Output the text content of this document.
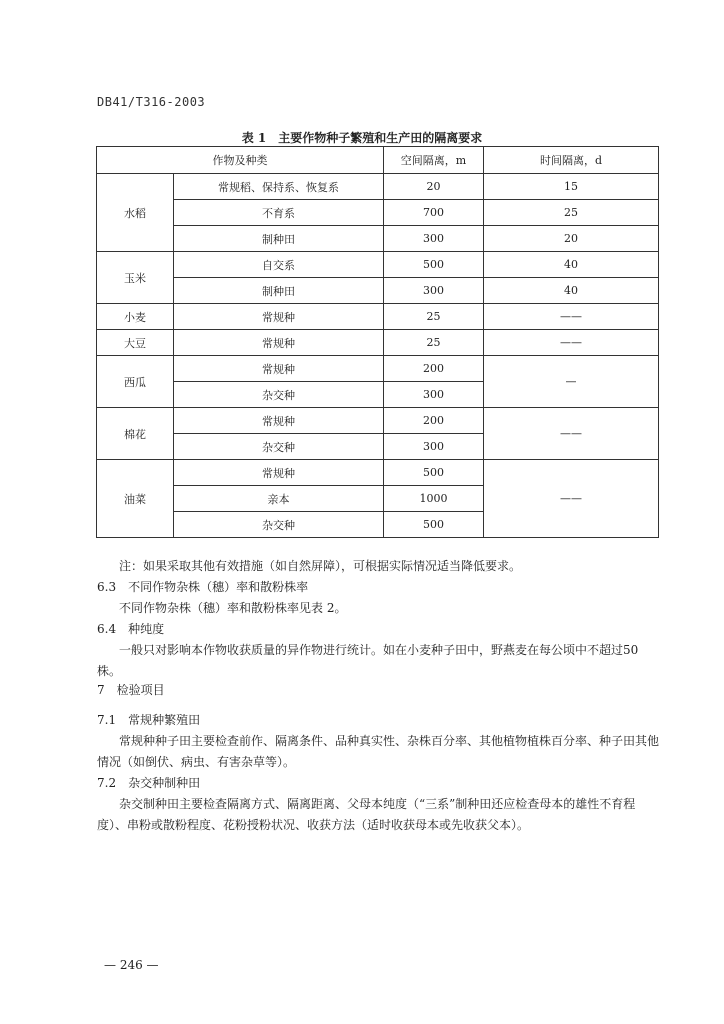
DB41/T316-2003
表 1　主要作物种子繁殖和生产田的隔离要求
作物及种类		空间隔离，m	时间隔离，d
水稻	常规稻、保持系、恢复系	20	15
	不育系	700	25
	制种田	300	20
玉米	自交系	500	40
	制种田	300	40
小麦	常规种	25	——
大豆	常规种	25	——
西瓜	常规种	200	—
	杂交种	300	
棉花	常规种	200	——
	杂交种	300	
油菜	常规种	500	——
	亲本	1000	
	杂交种	500	

注：如果采取其他有效措施（如自然屏障），可根据实际情况适当降低要求。

6.3　不同作物杂株（穗）率和散粉株率

不同作物杂株（穗）率和散粉株率见表 2。

6.4　种纯度

一般只对影响本作物收获质量的异作物进行统计。如在小麦种子田中，野燕麦在每公顷中不超过50株。

7　检验项目

7.1　常规种繁殖田

常规种种子田主要检查前作、隔离条件、品种真实性、杂株百分率、其他植物植株百分率、种子田其他情况（如倒伏、病虫、有害杂草等）。

7.2　杂交种制种田

杂交制种田主要检查隔离方式、隔离距离、父母本纯度（“三系”制种田还应检查母本的雄性不育程度）、串粉或散粉程度、花粉授粉状况、收获方法（适时收获母本或先收获父本）。

— 246 —
